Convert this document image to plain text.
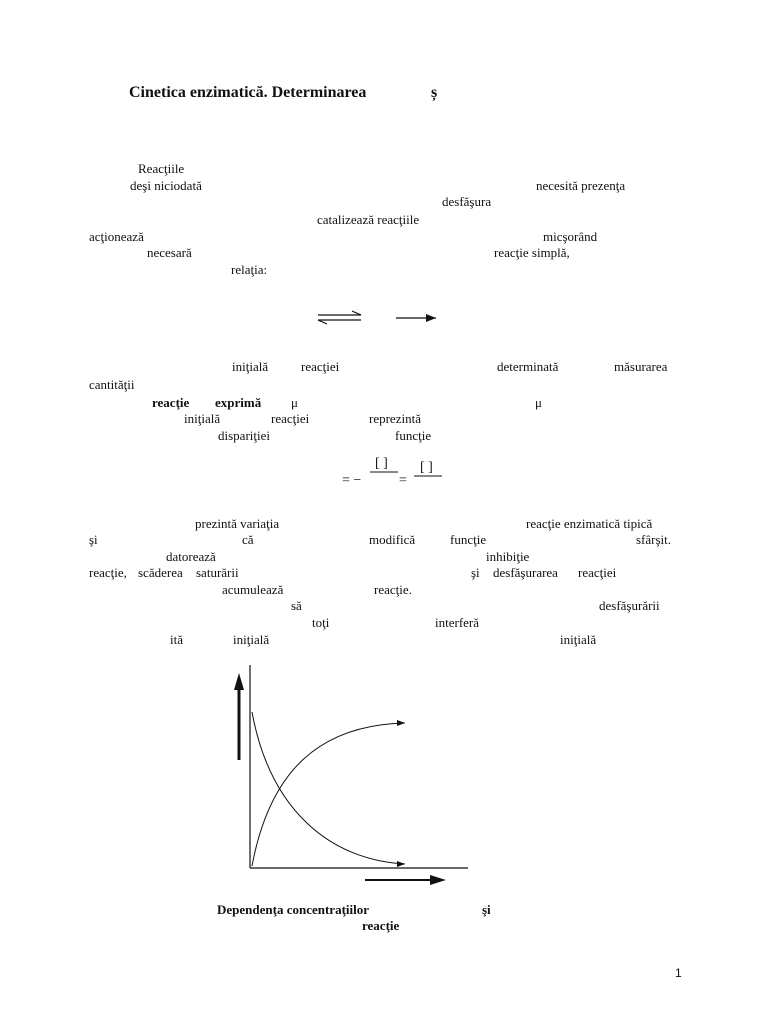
Cinetica enzimatică. Determinarea	ș
Reacţiile
deşi niciodată	necesită prezenţa
desfăşura
catalizează reacţiile
acţionează	micşorând
necesară	reacţie simplă,
relaţia:
iniţială	reacţiei	determinată	măsurarea
cantităţii
reacţie exprimă μ	μ
iniţială	reacţiei	reprezintă
dispariţiei	funcţie
[ ] [ ]
= −	=
prezintă variaţia	reacţie enzimatică tipică
şi	că	modifică	funcţie	sfârşit.
datorează	inhibiţie
reacţie, scăderea saturării	şi desfăşurarea reacţiei
acumulează	reacţie.
să	desfăşurării
toţi	interferă
ită	iniţială	iniţială
Dependenţa concentraţiilor	şi
reacţie
1
